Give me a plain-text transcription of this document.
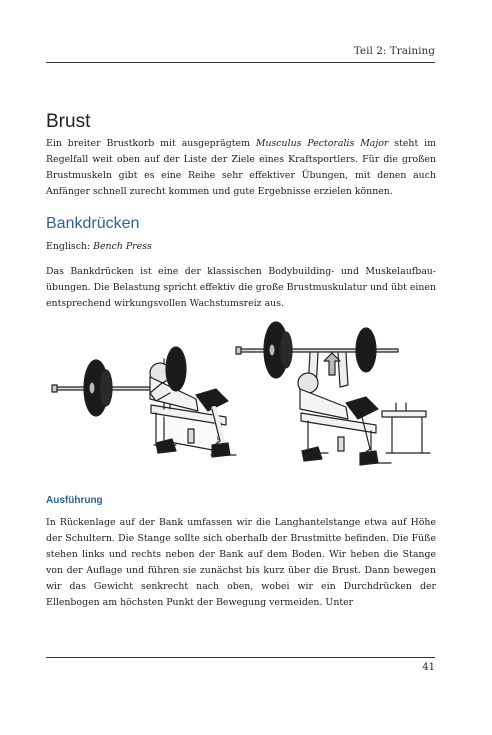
Teil 2: Training
Brust

Ein breiter Brustkorb mit ausgeprägtem Musculus Pectoralis Major steht im Regelfall weit oben auf der Liste der Ziele eines Kraftsportlers. Für die großen Brustmuskeln gibt es eine Reihe sehr effektiver Übungen, mit denen auch Anfänger schnell zurecht kommen und gute Ergebnisse erzielen können.

Bankdrücken
Englisch: Bench Press

Das Bankdrücken ist eine der klassischen Bodybuilding- und Muskelaufbau-übungen. Die Belastung spricht effektiv die große Brustmuskulatur und übt einen entsprechend wirkungsvollen Wachstumsreiz aus.

Ausführung

In Rückenlage auf der Bank umfassen wir die Langhantelstange etwa auf Höhe der Schultern. Die Stange sollte sich oberhalb der Brustmitte befinden. Die Füße stehen links und rechts neben der Bank auf dem Boden. Wir heben die Stange von der Auflage und führen sie zunächst bis kurz über die Brust. Dann bewegen wir das Gewicht senkrecht nach oben, wobei wir ein Durchdrücken der Ellenbogen am höchsten Punkt der Bewegung vermeiden. Unter

41
